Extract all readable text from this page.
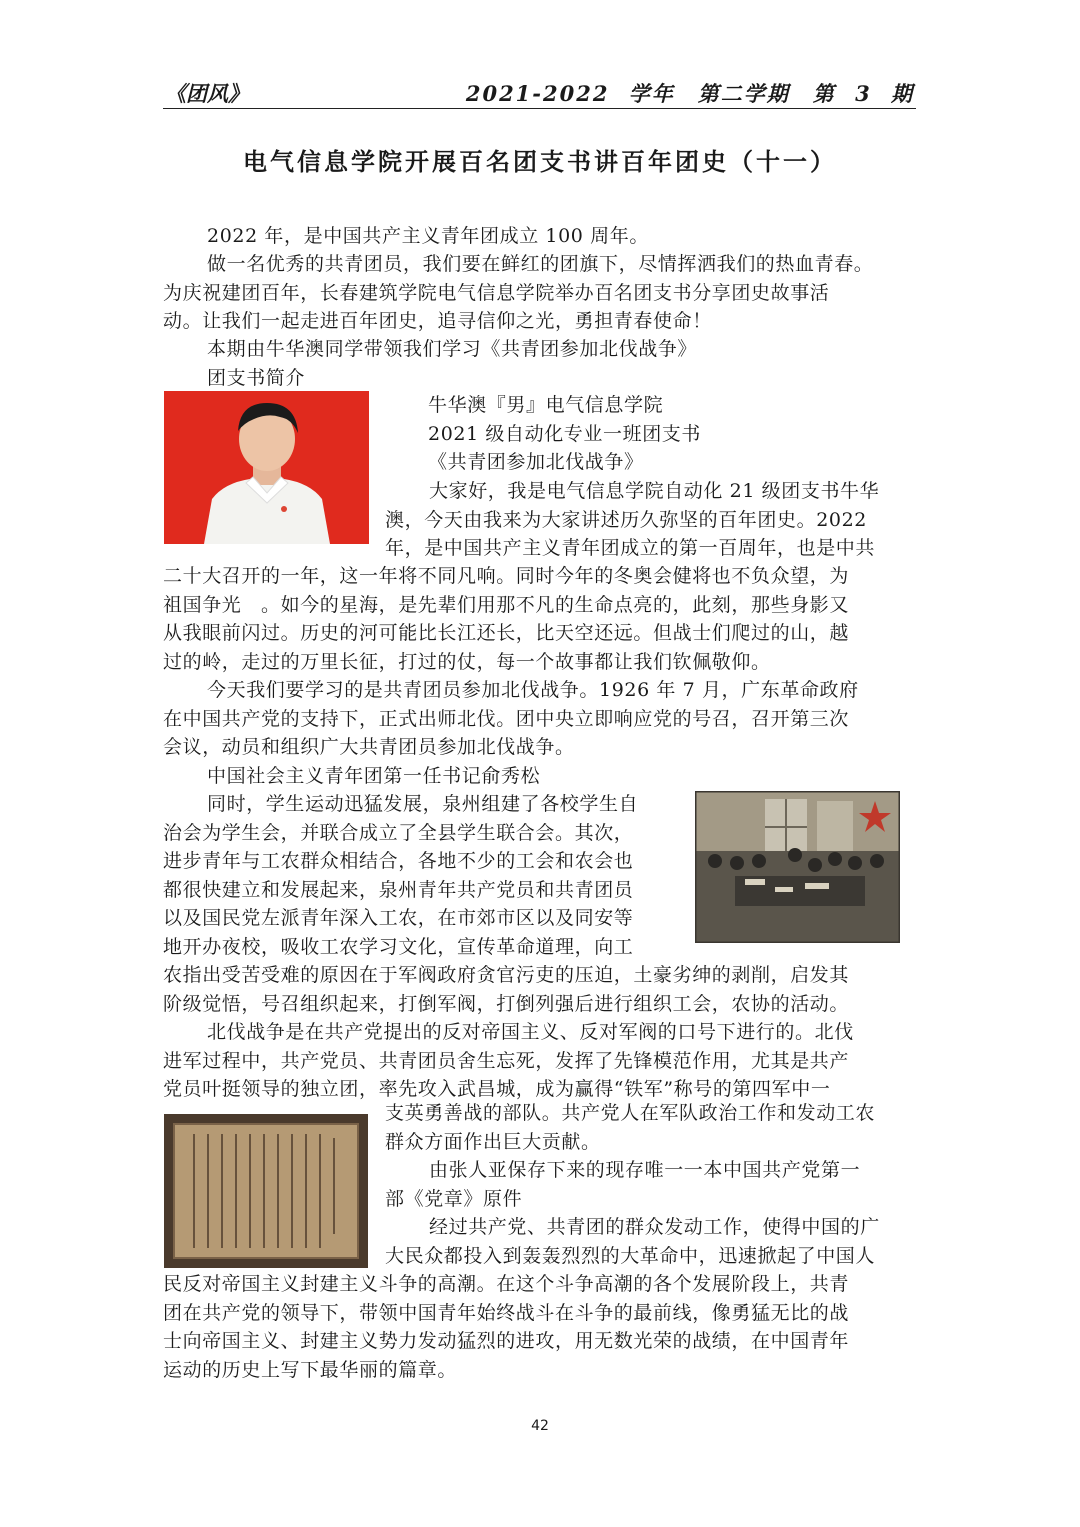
《团风》	2021-2022 学年　第二学期　第 3 期
电气信息学院开展百名团支书讲百年团史（十一）
2022 年，是中国共产主义青年团成立 100 周年。
做一名优秀的共青团员，我们要在鲜红的团旗下，尽情挥洒我们的热血青春。
为庆祝建团百年，长春建筑学院电气信息学院举办百名团支书分享团史故事活
动。让我们一起走进百年团史，追寻信仰之光，勇担青春使命！
本期由牛华澳同学带领我们学习《共青团参加北伐战争》
团支书简介
牛华澳『男』电气信息学院
2021 级自动化专业一班团支书
《共青团参加北伐战争》
大家好，我是电气信息学院自动化 21 级团支书牛华
澳，今天由我来为大家讲述历久弥坚的百年团史。2022
年，是中国共产主义青年团成立的第一百周年，也是中共
二十大召开的一年，这一年将不同凡响。同时今年的冬奥会健将也不负众望，为
祖国争光　。如今的星海，是先辈们用那不凡的生命点亮的，此刻，那些身影又
从我眼前闪过。历史的河可能比长江还长，比天空还远。但战士们爬过的山，越
过的岭，走过的万里长征，打过的仗，每一个故事都让我们钦佩敬仰。
今天我们要学习的是共青团员参加北伐战争。1926 年 7 月，广东革命政府
在中国共产党的支持下，正式出师北伐。团中央立即响应党的号召，召开第三次
会议，动员和组织广大共青团员参加北伐战争。
中国社会主义青年团第一任书记俞秀松
同时，学生运动迅猛发展，泉州组建了各校学生自
治会为学生会，并联合成立了全县学生联合会。其次，
进步青年与工农群众相结合，各地不少的工会和农会也
都很快建立和发展起来，泉州青年共产党员和共青团员
以及国民党左派青年深入工农，在市郊市区以及同安等
地开办夜校，吸收工农学习文化，宣传革命道理，向工
农指出受苦受难的原因在于军阀政府贪官污吏的压迫，土豪劣绅的剥削，启发其
阶级觉悟，号召组织起来，打倒军阀，打倒列强后进行组织工会，农协的活动。
北伐战争是在共产党提出的反对帝国主义、反对军阀的口号下进行的。北伐
进军过程中，共产党员、共青团员舍生忘死，发挥了先锋模范作用，尤其是共产
党员叶挺领导的独立团，率先攻入武昌城，成为赢得“铁军”称号的第四军中一
支英勇善战的部队。共产党人在军队政治工作和发动工农
群众方面作出巨大贡献。
由张人亚保存下来的现存唯一一本中国共产党第一
部《党章》原件
经过共产党、共青团的群众发动工作，使得中国的广
大民众都投入到轰轰烈烈的大革命中，迅速掀起了中国人
民反对帝国主义封建主义斗争的高潮。在这个斗争高潮的各个发展阶段上，共青
团在共产党的领导下，带领中国青年始终战斗在斗争的最前线，像勇猛无比的战
士向帝国主义、封建主义势力发动猛烈的进攻，用无数光荣的战绩，在中国青年
运动的历史上写下最华丽的篇章。
42
